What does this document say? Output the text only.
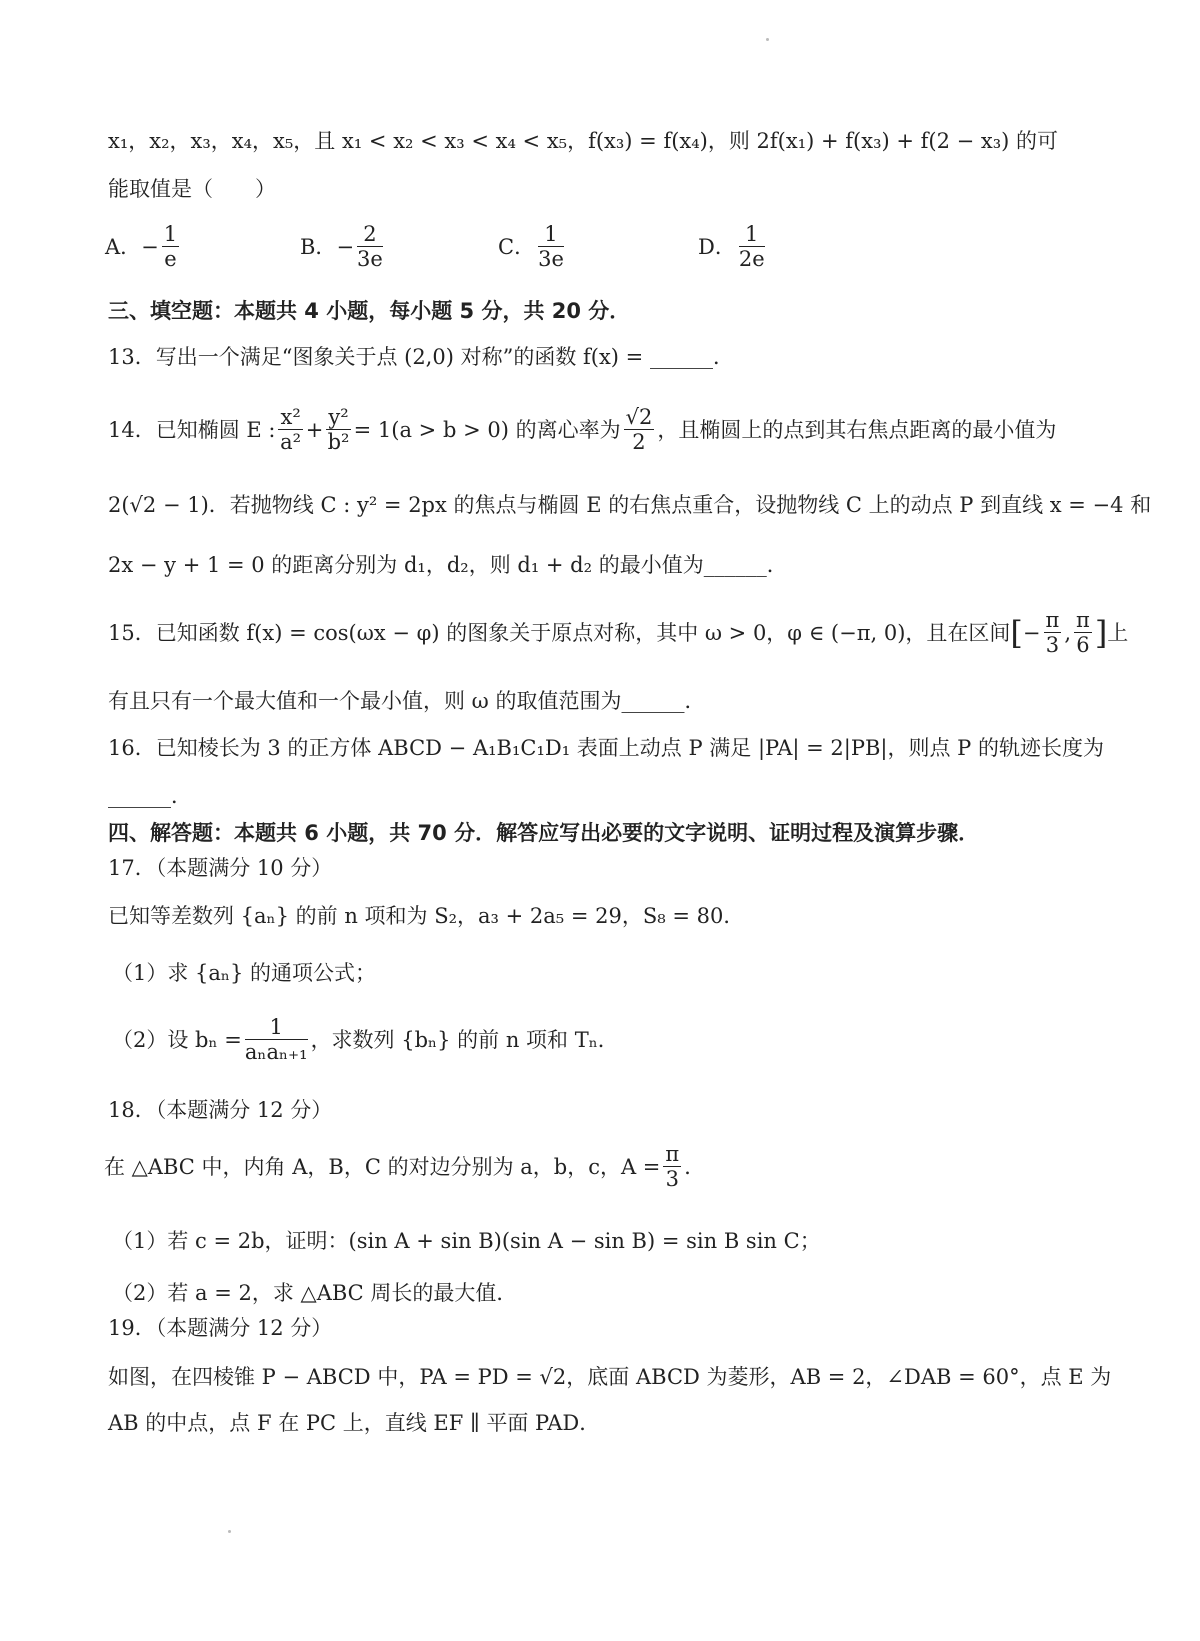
x₁，x₂，x₃，x₄，x₅，且 x₁ < x₂ < x₃ < x₄ < x₅，f(x₃) = f(x₄)，则 2f(x₁) + f(x₃) + f(2 − x₃) 的可
能取值是（　　）
A． − $\frac{1}{e}$	B． − $\frac{2}{3e}$	C． $\frac{1}{3e}$	D． $\frac{1}{2e}$
三、填空题：本题共 4 小题，每小题 5 分，共 20 分．
13．写出一个满足“图象关于点 (2,0) 对称”的函数 f(x) = ______．
14．已知椭圆 E : $\frac{\text{x²}}{\text{a²}} + \frac{\text{y²}}{\text{b²}} = 1(a > b > 0)$ 的离心率为 $\frac{√2}{2}$ ，且椭圆上的点到其右焦点距离的最小值为
2(√2 − 1)．若抛物线 C : y² = 2px 的焦点与椭圆 E 的右焦点重合，设抛物线 C 上的动点 P 到直线 x = −4 和
2x − y + 1 = 0 的距离分别为 d₁，d₂，则 d₁ + d₂ 的最小值为______．
15．已知函数 f(x) = cos(ωx − φ) 的图象关于原点对称，其中 ω > 0，φ ∈ (−π, 0)，且在区间 [ − $\frac{\pi}{3}$ , $\frac{\pi}{6}$ ] 上
有且只有一个最大值和一个最小值，则 ω 的取值范围为______．
16．已知棱长为 3 的正方体 ABCD − A₁B₁C₁D₁ 表面上动点 P 满足 |PA| = 2|PB|，则点 P 的轨迹长度为
______．
四、解答题：本题共 6 小题，共 70 分．解答应写出必要的文字说明、证明过程及演算步骤．
17．（本题满分 10 分）
已知等差数列 {aₙ} 的前 n 项和为 S₂，a₃ + 2a₅ = 29，S₈ = 80．
（1）求 {aₙ} 的通项公式；
（2）设 $b_n = \frac{1}{\text{aₙaₙ₊₁}}$ ，求数列 {bₙ} 的前 n 项和 Tₙ．
18．（本题满分 12 分）
在 △ABC 中，内角 A，B，C 的对边分别为 a，b，c，$A = \frac{\pi}{3}$ ．
（1）若 c = 2b，证明：(sin A + sin B)(sin A − sin B) = sin B sin C；
（2）若 a = 2，求 △ABC 周长的最大值．
19．（本题满分 12 分）
如图，在四棱锥 P − ABCD 中，PA = PD = √2，底面 ABCD 为菱形，AB = 2，∠DAB = 60°，点 E 为
AB 的中点，点 F 在 PC 上，直线 EF ∥ 平面 PAD．
